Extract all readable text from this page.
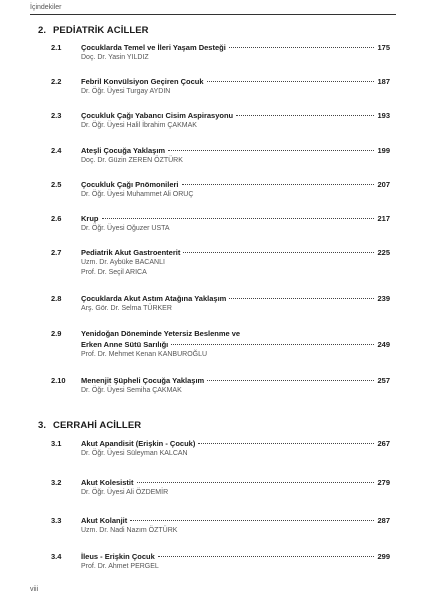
İçindekiler
2. PEDİATRİK ACİLLER
2.1	Çocuklarda Temel ve İleri Yaşam Desteği	175
Doç. Dr. Yasin YILDIZ
2.2	Febril Konvülsiyon Geçiren Çocuk	187
Dr. Öğr. Üyesi Turgay AYDIN
2.3	Çocukluk Çağı Yabancı Cisim Aspirasyonu	193
Dr. Öğr. Üyesi Halil İbrahim ÇAKMAK
2.4	Ateşli Çocuğa Yaklaşım	199
Doç. Dr. Güzin ZEREN ÖZTÜRK
2.5	Çocukluk Çağı Pnömonileri	207
Dr. Öğr. Üyesi Muhammet Ali ORUÇ
2.6	Krup	217
Dr. Öğr. Üyesi Oğuzer USTA
2.7	Pediatrik Akut Gastroenterit	225
Uzm. Dr. Aybüke BACANLI
Prof. Dr. Seçil ARICA
2.8	Çocuklarda Akut Astım Atağına Yaklaşım	239
Arş. Gör. Dr. Selma TÜRKER
2.9	Yenidoğan Döneminde Yetersiz Beslenme ve
Erken Anne Sütü Sarılığı	249
Prof. Dr. Mehmet Kenan KANBUROĞLU
2.10 Menenjit Şüpheli Çocuğa Yaklaşım	257
Dr. Öğr. Üyesi Semiha ÇAKMAK
3. CERRAHİ ACİLLER
3.1	Akut Apandisit (Erişkin - Çocuk)	267
Dr. Öğr. Üyesi Süleyman KALCAN
3.2	Akut Kolesistit	279
Dr. Öğr. Üyesi Ali ÖZDEMİR
3.3	Akut Kolanjit	287
Uzm. Dr. Nadi Nazım ÖZTÜRK
3.4	İleus - Erişkin Çocuk	299
Prof. Dr. Ahmet PERGEL
viii
